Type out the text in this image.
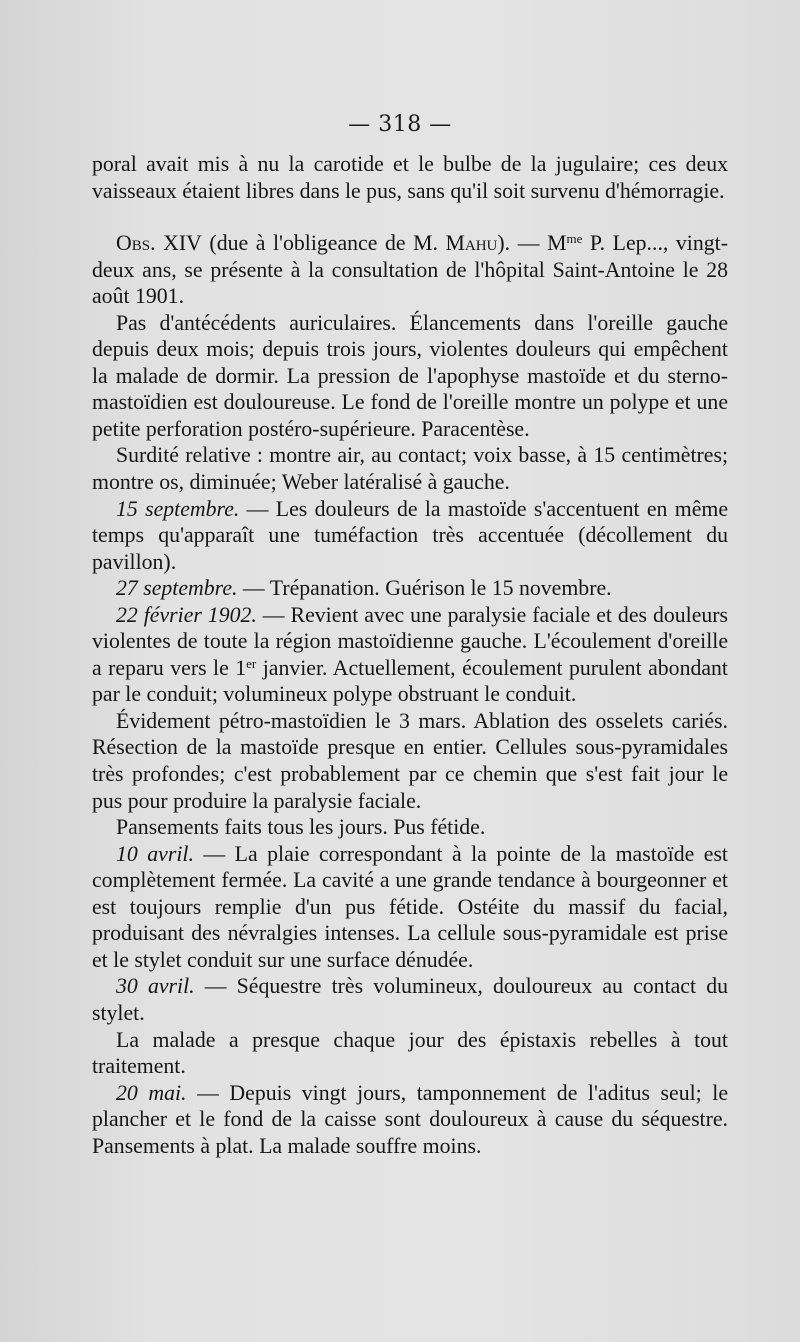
— 318 —

poral avait mis à nu la carotide et le bulbe de la jugulaire; ces deux vaisseaux étaient libres dans le pus, sans qu'il soit survenu d'hémorragie.

Obs. XIV (due à l'obligeance de M. Mahu). — $M^{me}$ P. Lep..., vingt-deux ans, se présente à la consultation de l'hôpital Saint-Antoine le 28 août 1901.

Pas d'antécédents auriculaires. Élancements dans l'oreille gauche depuis deux mois; depuis trois jours, violentes douleurs qui empêchent la malade de dormir. La pression de l'apophyse mastoïde et du sterno-mastoïdien est douloureuse. Le fond de l'oreille montre un polype et une petite perforation postéro-supérieure. Paracentèse.

Surdité relative : montre air, au contact; voix basse, à 15 centimètres; montre os, diminuée; Weber latéralisé à gauche.

15 septembre. — Les douleurs de la mastoïde s'accentuent en même temps qu'apparaît une tuméfaction très accentuée (décollement du pavillon).

27 septembre. — Trépanation. Guérison le 15 novembre.

22 février 1902. — Revient avec une paralysie faciale et des douleurs violentes de toute la région mastoïdienne gauche. L'écoulement d'oreille a reparu vers le 1er janvier. Actuellement, écoulement purulent abondant par le conduit; volumineux polype obstruant le conduit.

Évidement pétro-mastoïdien le 3 mars. Ablation des osselets cariés. Résection de la mastoïde presque en entier. Cellules sous-pyramidales très profondes; c'est probablement par ce chemin que s'est fait jour le pus pour produire la paralysie faciale.

Pansements faits tous les jours. Pus fétide.

10 avril. — La plaie correspondant à la pointe de la mastoïde est complètement fermée. La cavité a une grande tendance à bourgeonner et est toujours remplie d'un pus fétide. Ostéite du massif du facial, produisant des névralgies intenses. La cellule sous-pyramidale est prise et le stylet conduit sur une surface dénudée.

30 avril. — Séquestre très volumineux, douloureux au contact du stylet.

La malade a presque chaque jour des épistaxis rebelles à tout traitement.

20 mai. — Depuis vingt jours, tamponnement de l'aditus seul; le plancher et le fond de la caisse sont douloureux à cause du séquestre. Pansements à plat. La malade souffre moins.
